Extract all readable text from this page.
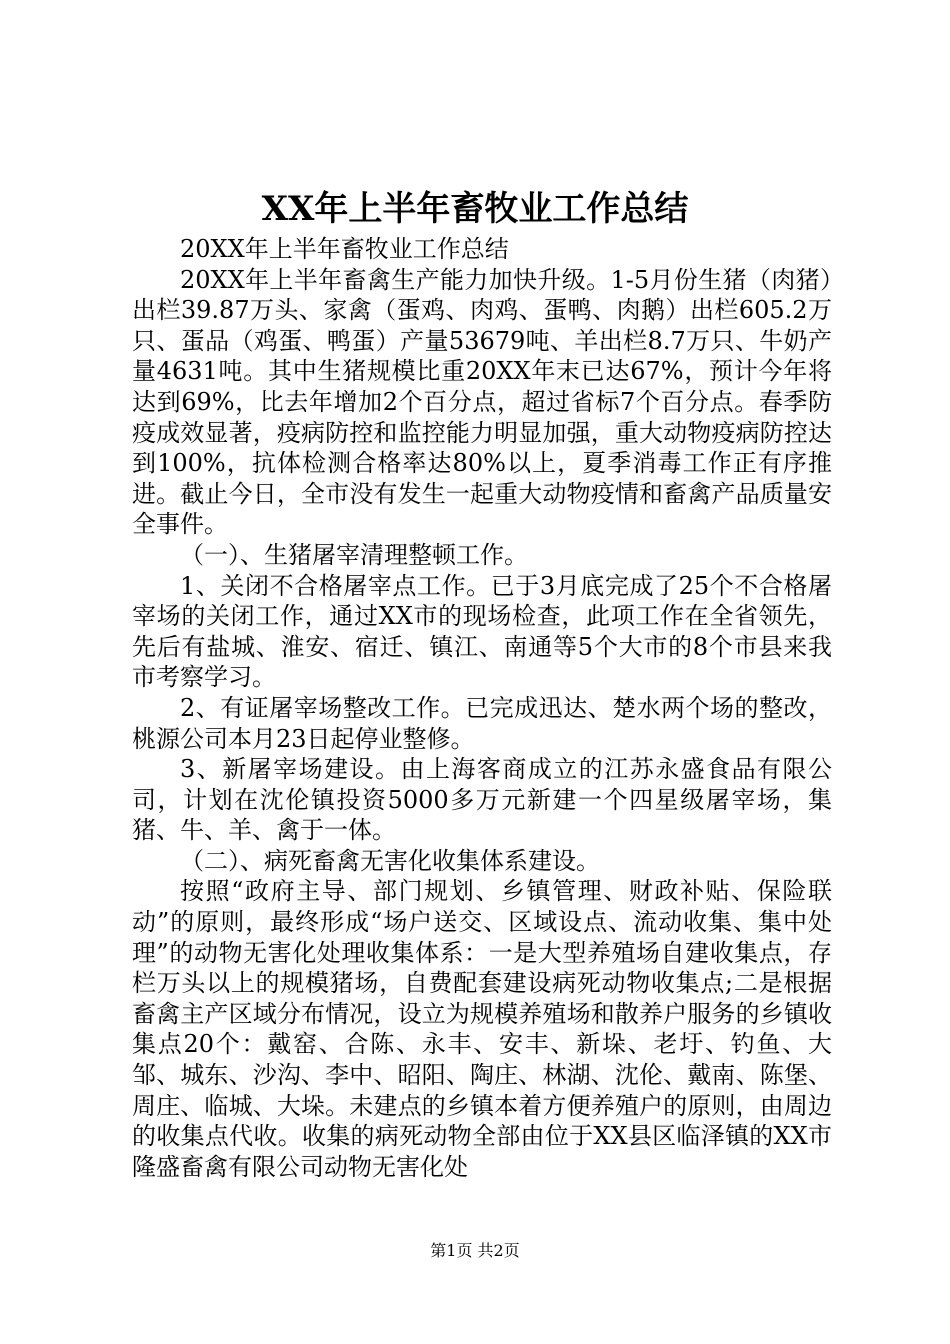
XX年上半年畜牧业工作总结

20XX年上半年畜牧业工作总结

20XX年上半年畜禽生产能力加快升级。1-5月份生猪（肉猪）出栏39.87万头、家禽（蛋鸡、肉鸡、蛋鸭、肉鹅）出栏605.2万只、蛋品（鸡蛋、鸭蛋）产量53679吨、羊出栏8.7万只、牛奶产量4631吨。其中生猪规模比重20XX年末已达67%，预计今年将达到69%，比去年增加2个百分点，超过省标7个百分点。春季防疫成效显著，疫病防控和监控能力明显加强，重大动物疫病防控达到100%，抗体检测合格率达80%以上，夏季消毒工作正有序推进。截止今日，全市没有发生一起重大动物疫情和畜禽产品质量安全事件。

（一）、生猪屠宰清理整顿工作。

1、关闭不合格屠宰点工作。已于3月底完成了25个不合格屠宰场的关闭工作，通过XX市的现场检查，此项工作在全省领先，先后有盐城、淮安、宿迁、镇江、南通等5个大市的8个市县来我市考察学习。

2、有证屠宰场整改工作。已完成迅达、楚水两个场的整改，桃源公司本月23日起停业整修。

3、新屠宰场建设。由上海客商成立的江苏永盛食品有限公司，计划在沈伦镇投资5000多万元新建一个四星级屠宰场，集猪、牛、羊、禽于一体。

（二）、病死畜禽无害化收集体系建设。

按照“政府主导、部门规划、乡镇管理、财政补贴、保险联动”的原则，最终形成“场户送交、区域设点、流动收集、集中处理”的动物无害化处理收集体系：一是大型养殖场自建收集点，存栏万头以上的规模猪场，自费配套建设病死动物收集点;二是根据畜禽主产区域分布情况，设立为规模养殖场和散养户服务的乡镇收集点20个：戴窑、合陈、永丰、安丰、新垛、老圩、钓鱼、大邹、城东、沙沟、李中、昭阳、陶庄、林湖、沈伦、戴南、陈堡、周庄、临城、大垛。未建点的乡镇本着方便养殖户的原则，由周边的收集点代收。收集的病死动物全部由位于XX县区临泽镇的XX市隆盛畜禽有限公司动物无害化处

第1页 共2页
